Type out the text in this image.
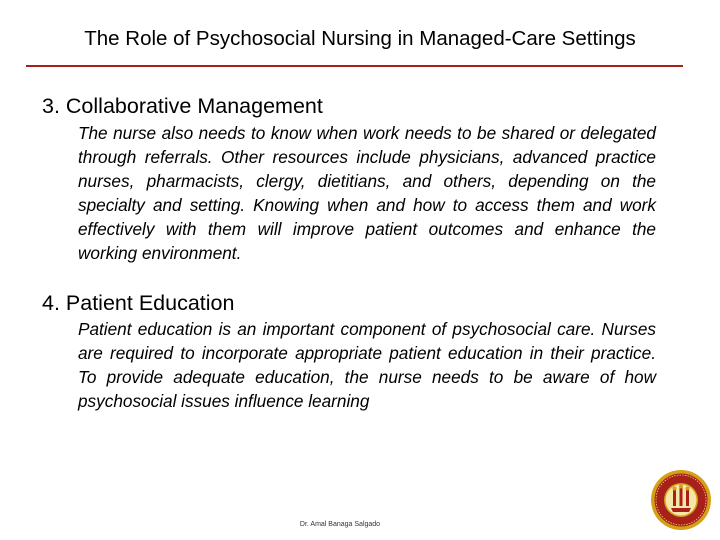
The Role of Psychosocial Nursing in Managed-Care Settings
3. Collaborative Management
The nurse also needs to know when work needs to be shared or delegated through referrals. Other resources include physicians, advanced practice nurses, pharmacists, clergy, dietitians, and others, depending on the specialty and setting. Knowing when and how to access them and work effectively with them will improve patient outcomes and enhance the working environment.
4. Patient Education
Patient education is an important component of psychosocial care. Nurses are required to incorporate appropriate patient education in their practice. To provide adequate education, the nurse needs to be aware of how psychosocial issues influence learning
Dr. Amal Banaga Salgado
